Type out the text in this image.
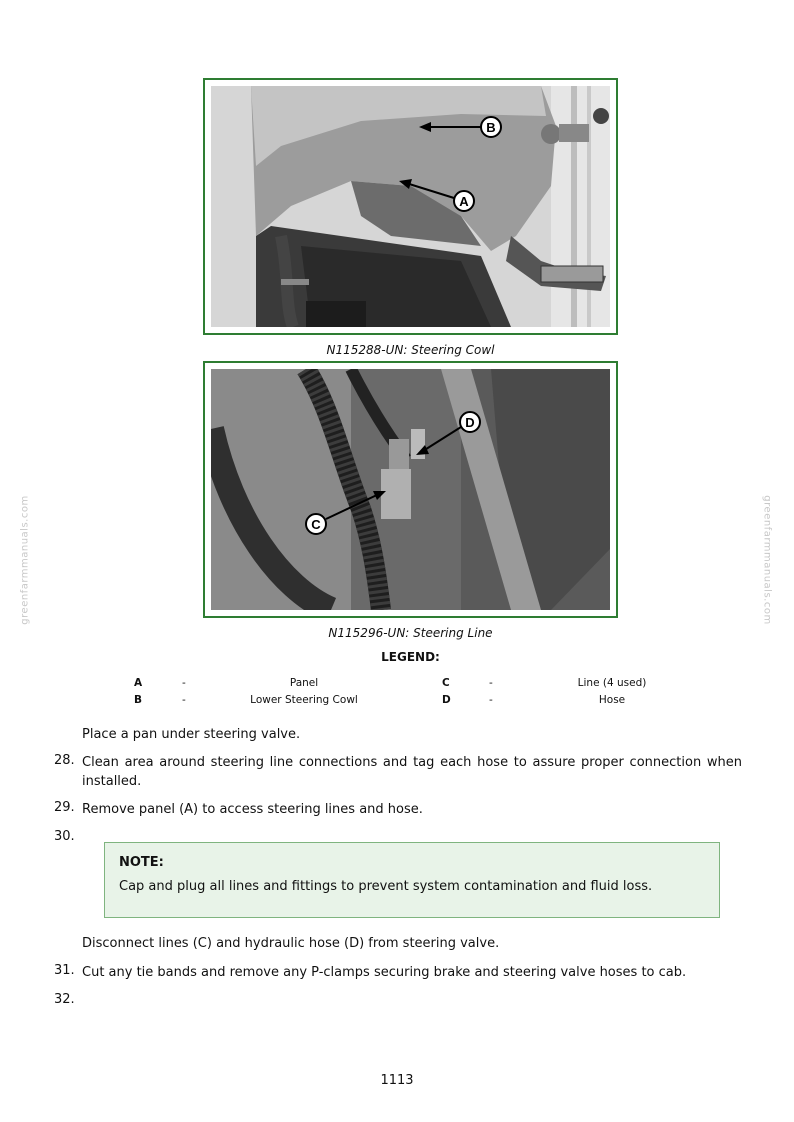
greenfarmmanuals.com	greenfarmmanuals.com
B
A
N115288-UN: Steering Cowl
D
C
N115296-UN: Steering Line
LEGEND:
A	-	Panel
B	-	Lower Steering Cowl
C	-	Line (4 used)
D	-	Hose
Place a pan under steering valve.
28. Clean area around steering line connections and tag each hose to assure proper connection when installed.
29. Remove panel (A) to access steering lines and hose.
30.
NOTE:
Cap and plug all lines and fittings to prevent system contamination and fluid loss.
Disconnect lines (C) and hydraulic hose (D) from steering valve.
31. Cut any tie bands and remove any P-clamps securing brake and steering valve hoses to cab.
32.
1113
